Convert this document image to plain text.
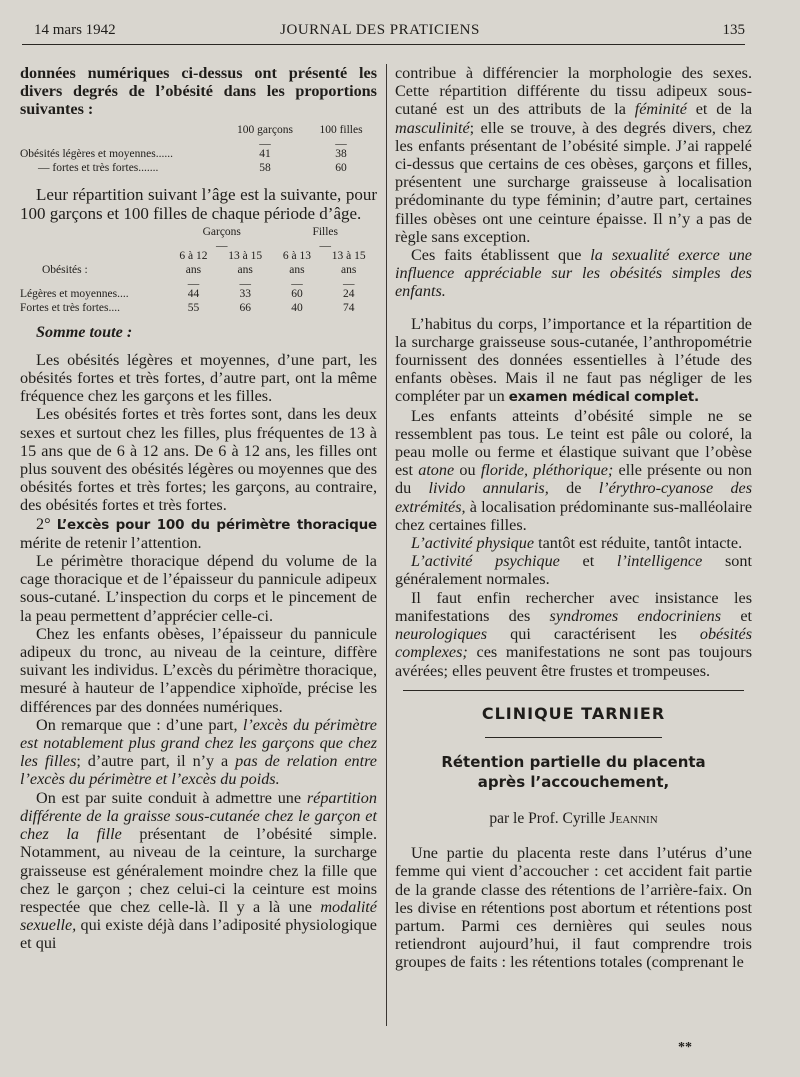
14 mars 1942	JOURNAL DES PRATICIENS	135

données numériques ci-dessus ont présenté les divers degrés de l’obésité dans les proportions suivantes :

	100 garçons	100 filles

	—	—

Obésités légères et moyennes......	41	38
— fortes et très fortes.......	58	60

Leur répartition suivant l’âge est la suivante, pour 100 garçons et 100 filles de chaque période d’âge.

	Garçons		Filles	

	—		—	

	6 à 12	13 à 15	6 à 13	13 à 15
Obésités :	ans	ans	ans	ans

	—	—	—	—

Légères et moyennes....	44	33	60	24
Fortes et très fortes....	55	66	40	74

Somme toute :

Les obésités légères et moyennes, d’une part, les obésités fortes et très fortes, d’autre part, ont la même fréquence chez les garçons et les filles.

Les obésités fortes et très fortes sont, dans les deux sexes et surtout chez les filles, plus fréquentes de 13 à 15 ans que de 6 à 12 ans. De 6 à 12 ans, les filles ont plus souvent des obésités légères ou moyennes que des obésités fortes et très fortes; les garçons, au contraire, des obésités fortes et très fortes.

2° L’excès pour 100 du périmètre thoracique mérite de retenir l’attention.

Le périmètre thoracique dépend du volume de la cage thoracique et de l’épaisseur du pannicule adipeux sous-cutané. L’inspection du corps et le pincement de la peau permettent d’apprécier celle-ci.

Chez les enfants obèses, l’épaisseur du pannicule adipeux du tronc, au niveau de la ceinture, diffère suivant les individus. L’excès du périmètre thoracique, mesuré à hauteur de l’appendice xiphoïde, précise les différences par des données numériques.

On remarque que : d’une part, l’excès du périmètre est notablement plus grand chez les garçons que chez les filles; d’autre part, il n’y a pas de relation entre l’excès du périmètre et l’excès du poids.

On est par suite conduit à admettre une répartition différente de la graisse sous-cutanée chez le garçon et chez la fille présentant de l’obésité simple. Notamment, au niveau de la ceinture, la surcharge graisseuse est généralement moindre chez la fille que chez le garçon ; chez celui-ci la ceinture est moins respectée que chez celle-là. Il y a là une modalité sexuelle, qui existe déjà dans l’adiposité physiologique et qui

contribue à différencier la morphologie des sexes. Cette répartition différente du tissu adipeux sous-cutané est un des attributs de la féminité et de la masculinité; elle se trouve, à des degrés divers, chez les enfants présentant de l’obésité simple. J’ai rappelé ci-dessus que certains de ces obèses, garçons et filles, présentent une surcharge graisseuse à localisation prédominante du type féminin; d’autre part, certaines filles obèses ont une ceinture épaisse. Il n’y a pas de règle sans exception.

Ces faits établissent que la sexualité exerce une influence appréciable sur les obésités simples des enfants.

L’habitus du corps, l’importance et la répartition de la surcharge graisseuse sous-cutanée, l’anthropométrie fournissent des données essentielles à l’étude des enfants obèses. Mais il ne faut pas négliger de les compléter par un examen médical complet.

Les enfants atteints d’obésité simple ne se ressemblent pas tous. Le teint est pâle ou coloré, la peau molle ou ferme et élastique suivant que l’obèse est atone ou floride, pléthorique; elle présente ou non du livido annularis, de l’érythro-cyanose des extrémités, à localisation prédominante sus-malléolaire chez certaines filles.

L’activité physique tantôt est réduite, tantôt intacte.

L’activité psychique et l’intelligence sont généralement normales.

Il faut enfin rechercher avec insistance les manifestations des syndromes endocriniens et neurologiques qui caractérisent les obésités complexes; ces manifestations ne sont pas toujours avérées; elles peuvent être frustes et trompeuses.

CLINIQUE TARNIER
Rétention partielle du placenta
après l’accouchement,
par le Prof. Cyrille Jeannin

Une partie du placenta reste dans l’utérus d’une femme qui vient d’accoucher : cet accident fait partie de la grande classe des rétentions de l’arrière-faix. On les divise en rétentions post abortum et rétentions post partum. Parmi ces dernières qui seules nous retiendront aujourd’hui, il faut comprendre trois groupes de faits : les rétentions totales (comprenant le

**
